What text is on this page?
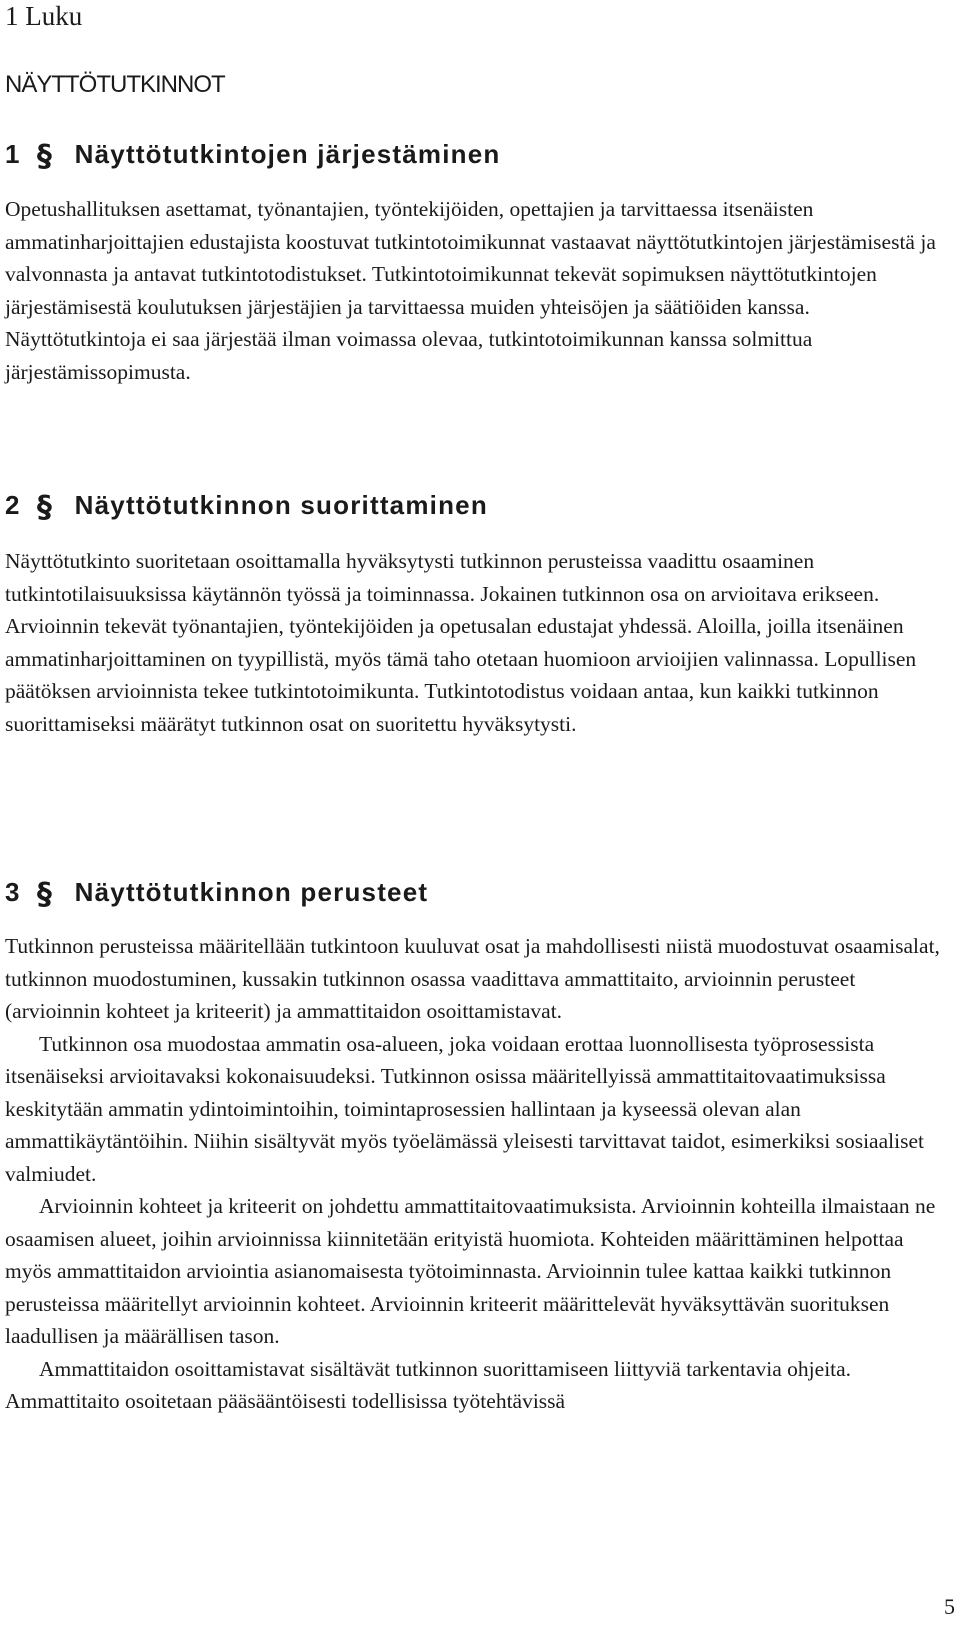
1 Luku
NÄYTTÖTUTKINNOT
1 § Näyttötutkintojen järjestäminen

Opetushallituksen asettamat, työnantajien, työntekijöiden, opettajien ja tarvittaessa itsenäisten ammatinharjoittajien edustajista koostuvat tutkintotoimikunnat vastaavat näyttötutkintojen järjestämisestä ja valvonnasta ja antavat tutkintotodistukset. Tutkintotoimikunnat tekevät sopimuksen näyttötutkintojen järjestämisestä koulutuksen järjestäjien ja tarvittaessa muiden yhteisöjen ja säätiöiden kanssa. Näyttötutkintoja ei saa järjestää ilman voimassa olevaa, tutkintotoimikunnan kanssa solmittua järjestämissopimusta.

2 § Näyttötutkinnon suorittaminen

Näyttötutkinto suoritetaan osoittamalla hyväksytysti tutkinnon perusteissa vaadittu osaaminen tutkintotilaisuuksissa käytännön työssä ja toiminnassa. Jokainen tutkinnon osa on arvioitava erikseen. Arvioinnin tekevät työnantajien, työntekijöiden ja opetusalan edustajat yhdessä. Aloilla, joilla itsenäinen ammatinharjoittaminen on tyypillistä, myös tämä taho otetaan huomioon arvioijien valinnassa. Lopullisen päätöksen arvioinnista tekee tutkintotoimikunta. Tutkintotodistus voidaan antaa, kun kaikki tutkinnon suorittamiseksi määrätyt tutkinnon osat on suoritettu hyväksytysti.

3 § Näyttötutkinnon perusteet

Tutkinnon perusteissa määritellään tutkintoon kuuluvat osat ja mahdollisesti niistä muodostuvat osaamisalat, tutkinnon muodostuminen, kussakin tutkinnon osassa vaadittava ammattitaito, arvioinnin perusteet (arvioinnin kohteet ja kriteerit) ja ammattitaidon osoittamistavat.

Tutkinnon osa muodostaa ammatin osa-alueen, joka voidaan erottaa luonnollisesta työprosessista itsenäiseksi arvioitavaksi kokonaisuudeksi. Tutkinnon osissa määritellyissä ammattitaitovaatimuksissa keskitytään ammatin ydintoimintoihin, toimintaprosessien hallintaan ja kyseessä olevan alan ammattikäytäntöihin. Niihin sisältyvät myös työelämässä yleisesti tarvittavat taidot, esimerkiksi sosiaaliset valmiudet.

Arvioinnin kohteet ja kriteerit on johdettu ammattitaitovaatimuksista. Arvioinnin kohteilla ilmaistaan ne osaamisen alueet, joihin arvioinnissa kiinnitetään erityistä huomiota. Kohteiden määrittäminen helpottaa myös ammattitaidon arviointia asianomaisesta työtoiminnasta. Arvioinnin tulee kattaa kaikki tutkinnon perusteissa määritellyt arvioinnin kohteet. Arvioinnin kriteerit määrittelevät hyväksyttävän suorituksen laadullisen ja määrällisen tason.

Ammattitaidon osoittamistavat sisältävät tutkinnon suorittamiseen liittyviä tarkentavia ohjeita. Ammattitaito osoitetaan pääsääntöisesti todellisissa työtehtävissä

5
